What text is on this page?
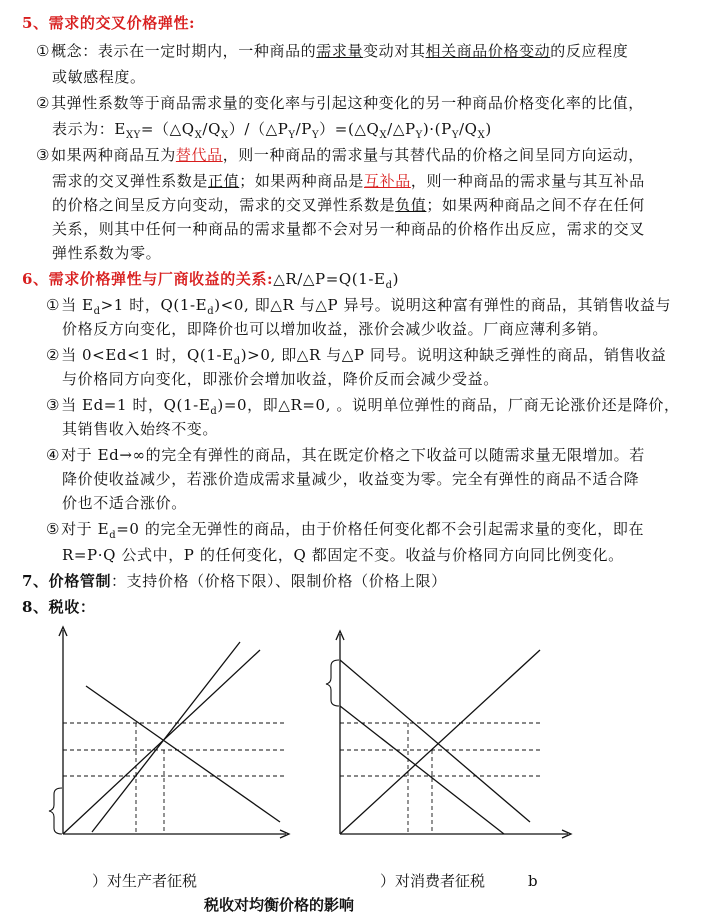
5、需求的交叉价格弹性:
①概念：表示在一定时期内，一种商品的需求量变动对其相关商品价格变动的反应程度
或敏感程度。
②其弹性系数等于商品需求量的变化率与引起这种变化的另一种商品价格变化率的比值，
表示为：$E_{XY}=(\triangle Q_X/Q_X)/(\triangle P_Y/P_Y)=(\triangle Q_X/\triangle P_Y)\cdot(P_Y/Q_X)$
③如果两种商品互为替代品，则一种商品的需求量与其替代品的价格之间呈同方向运动，
需求的交叉弹性系数是正值；如果两种商品是互补品，则一种商品的需求量与其互补品
的价格之间呈反方向变动，需求的交叉弹性系数是负值；如果两种商品之间不存在任何
关系，则其中任何一种商品的需求量都不会对另一种商品的价格作出反应，需求的交叉
弹性系数为零。
6、需求价格弹性与厂商收益的关系$:\triangle R/\triangle P=Q(1-E_d)$
①当 $E_d>1$ 时，$Q(1-E_d)<0$, 即△R 与△P 异号。说明这种富有弹性的商品，其销售收益与
价格反方向变化，即降价也可以增加收益，涨价会减少收益。厂商应薄利多销。
②当 0<Ed<1 时，$Q(1-E_d)>0$, 即△R 与△P 同号。说明这种缺乏弹性的商品，销售收益
与价格同方向变化，即涨价会增加收益，降价反而会减少受益。
③当 Ed=1 时，$Q(1-E_d)=0$，即△R=0, 。说明单位弹性的商品，厂商无论涨价还是降价，
其销售收入始终不变。
④对于 Ed→∞的完全有弹性的商品，其在既定价格之下收益可以随需求量无限增加。若
降价使收益减少，若涨价造成需求量减少，收益变为零。完全有弹性的商品不适合降
价也不适合涨价。
⑤对于 $E_d=0$ 的完全无弹性的商品，由于价格任何变化都不会引起需求量的变化，即在
R=P·Q 公式中，P 的任何变化，Q 都固定不变。收益与价格同方向同比例变化。
7、价格管制：支持价格（价格下限）、限制价格（价格上限）
8、税收：
）对生产者征税	）对消费者征税	b
税收对均衡价格的影响
